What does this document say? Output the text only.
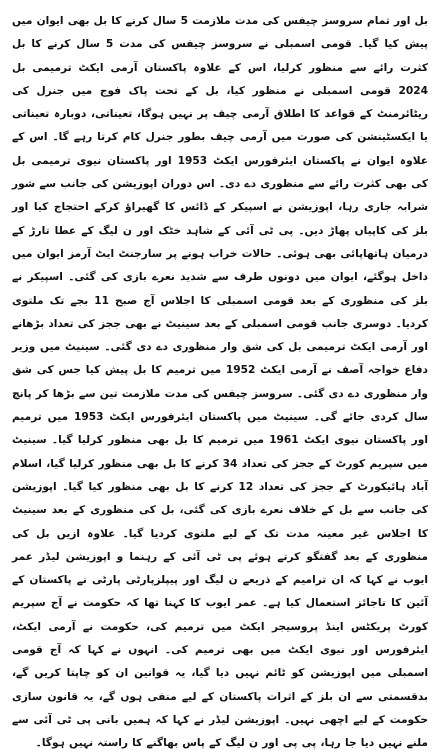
بل اور تمام سروسز چیفس کی مدت ملازمت 5 سال کرنے کا بل بھی ایوان میں پیش کیا گیا۔ قومی اسمبلی نے سروسز چیفس کی مدت 5 سال کرنے کا بل کثرت رائے سے منظور کرلیا، اس کے علاوہ پاکستان آرمی ایکٹ ترمیمی بل 2024 قومی اسمبلی نے منظور کیا، بل کے تحت پاک فوج میں جنرل کی ریٹائرمنٹ کے قواعد کا اطلاق آرمی چیف پر نہیں ہوگا، تعیناتی، دوبارہ تعیناتی یا ایکسٹینشن کی صورت میں آرمی چیف بطور جنرل کام کرتا رہے گا۔ اس کے علاوہ ایوان نے پاکستان ایئرفورس ایکٹ 1953 اور پاکستان نیوی ترمیمی بل کی بھی کثرت رائے سے منظوری دے دی۔ اس دوران اپوزیشن کی جانب سے شور شرابہ جاری رہا، اپوزیشن نے اسپیکر کے ڈائس کا گھیراؤ کرکے احتجاج کیا اور بلز کی کاپیاں پھاڑ دیں۔ پی ٹی آئی کے شاہد خٹک اور ن لیگ کے عطا تارڑ کے درمیان ہاتھاپائی بھی ہوئی۔ حالات خراب ہونے پر سارجنٹ ایٹ آرمز ایوان میں داخل ہوگئے، ایوان میں دونوں طرف سے شدید نعرے بازی کی گئی۔ اسپیکر نے بلز کی منظوری کے بعد قومی اسمبلی کا اجلاس آج صبح 11 بجے تک ملتوی کردیا۔ دوسری جانب قومی اسمبلی کے بعد سینیٹ نے بھی ججز کی تعداد بڑھانے اور آرمی ایکٹ ترمیمی بل کی شق وار منظوری دے دی گئی۔ سینیٹ میں وزیر دفاع خواجہ آصف نے آرمی ایکٹ 1952 میں ترمیم کا بل پیش کیا جس کی شق وار منظوری دے دی گئی۔ سروسز چیفس کی مدت ملازمت تین سے بڑھا کر پانچ سال کردی جائے گی۔ سینیٹ میں پاکستان ایئرفورس ایکٹ 1953 میں ترمیم اور پاکستان نیوی ایکٹ 1961 میں ترمیم کا بل بھی منظور کرلیا گیا۔ سینیٹ میں سپریم کورٹ کے ججز کی تعداد 34 کرنے کا بل بھی منظور کرلیا گیا، اسلام آباد ہائیکورٹ کے ججز کی تعداد 12 کرنے کا بل بھی منظور کیا گیا۔ اپوزیشن کی جانب سے بل کے خلاف نعرے بازی کی گئی، بل کی منظوری کے بعد سینیٹ کا اجلاس غیر معینہ مدت تک کے لیے ملتوی کردیا گیا۔ علاوہ ازیں بل کی منظوری کے بعد گفتگو کرتے ہوئے پی ٹی آئی کے رہنما و اپوزیشن لیڈر عمر ایوب نے کہا کہ ان ترامیم کے ذریعے ن لیگ اور پیپلزپارٹی پارٹی نے پاکستان کے آئین کا ناجائز استعمال کیا ہے۔ عمر ایوب کا کہنا تھا کہ حکومت نے آج سپریم کورٹ پریکٹس اینڈ پروسیجر ایکٹ میں ترمیم کی، حکومت نے آرمی ایکٹ، ایئرفورس اور نیوی ایکٹ میں بھی ترمیم کی۔ انہوں نے کہا کہ آج قومی اسمبلی میں اپوزیشن کو ٹائم نہیں دیا گیا، یہ قوانین ان کو چاپتا کریں گے، بدقسمتی سے ان بلز کے اثرات پاکستان کے لیے منفی ہوں گے، یہ قانون سازی حکومت کے لیے اچھی نہیں۔ اپوزیشن لیڈر نے کہا کہ ہمیں بانی پی ٹی آئی سے ملنے نہیں دیا جا رہا، پی پی اور ن لیگ کے پاس بھاگنے کا راستہ نہیں ہوگا۔
